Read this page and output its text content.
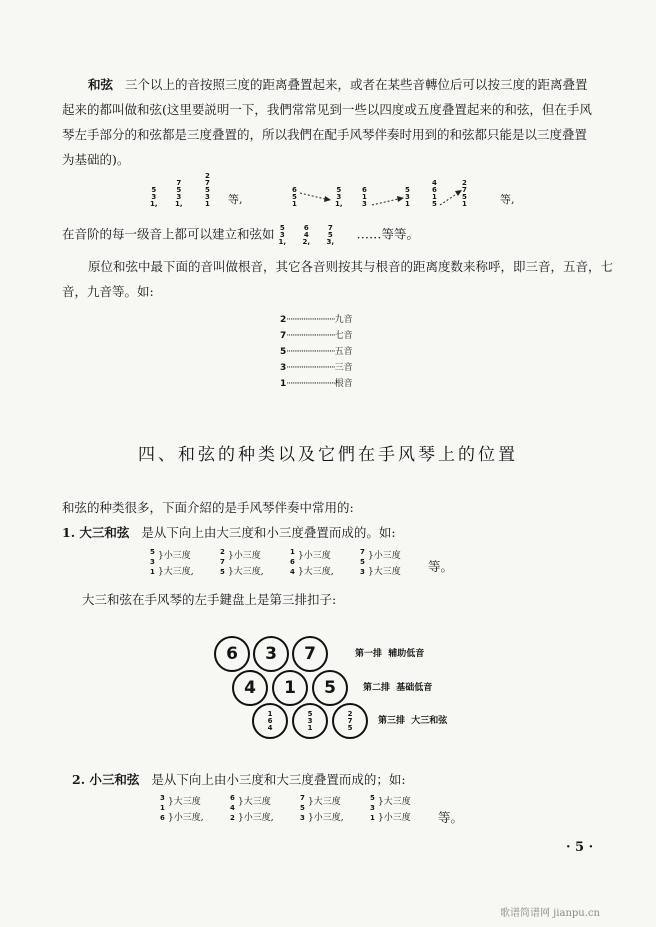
和弦 三个以上的音按照三度的距离叠置起来，或者在某些音轉位后可以按三度的距离叠置
起来的都叫做和弦(这里要説明一下，我們常常见到一些以四度或五度叠置起来的和弦，但在手风
琴左手部分的和弦都是三度叠置的，所以我們在配手风琴伴奏时用到的和弦都只能是以三度叠置
为基础的)。
等,	等,
在音阶的每一级音上都可以建立和弦如 5
3
1,
6
4
2,
7
5
3,
……等等。
原位和弦中最下面的音叫做根音，其它各音则按其与根音的距离度数来称呼，即三音，五音，七
音，九音等。如:
2··························九音
7··························七音
5··························五音
3··························三音
1··························根音
四、和弦的种类以及它們在手风琴上的位置
和弦的种类很多，下面介紹的是手风琴伴奏中常用的:
1. 大三和弦 是从下向上由大三度和小三度叠置而成的。如:
等。
大三和弦在手风琴的左手鍵盘上是第三排扣子:
2. 小三和弦 是从下向上由小三度和大三度叠置而成的；如:
等。
· 5 ·
歌谱简谱网 jianpu.cn
5
3
1,
7
5
3
1,
2
7
5
3
1
6
5
1
5
3
1,
6
1
3
5
3
1
4
6
1
5
2
7
5
1
5
3
1
}小三度
}大三度,
2
7
5
}小三度
}大三度,
1
6
4
}小三度
}大三度,
7
5
3
}小三度
}大三度
3
1
6
}大三度
}小三度,
6
4
2
}大三度
}小三度,
7
5
3
}大三度
}小三度,
5
3
1
}大三度
}小三度
6 3 7
4 1 5
1
6
4
5
3
1
2
7
5
第一排 辅助低音
第二排 基础低音
第三排 大三和弦
